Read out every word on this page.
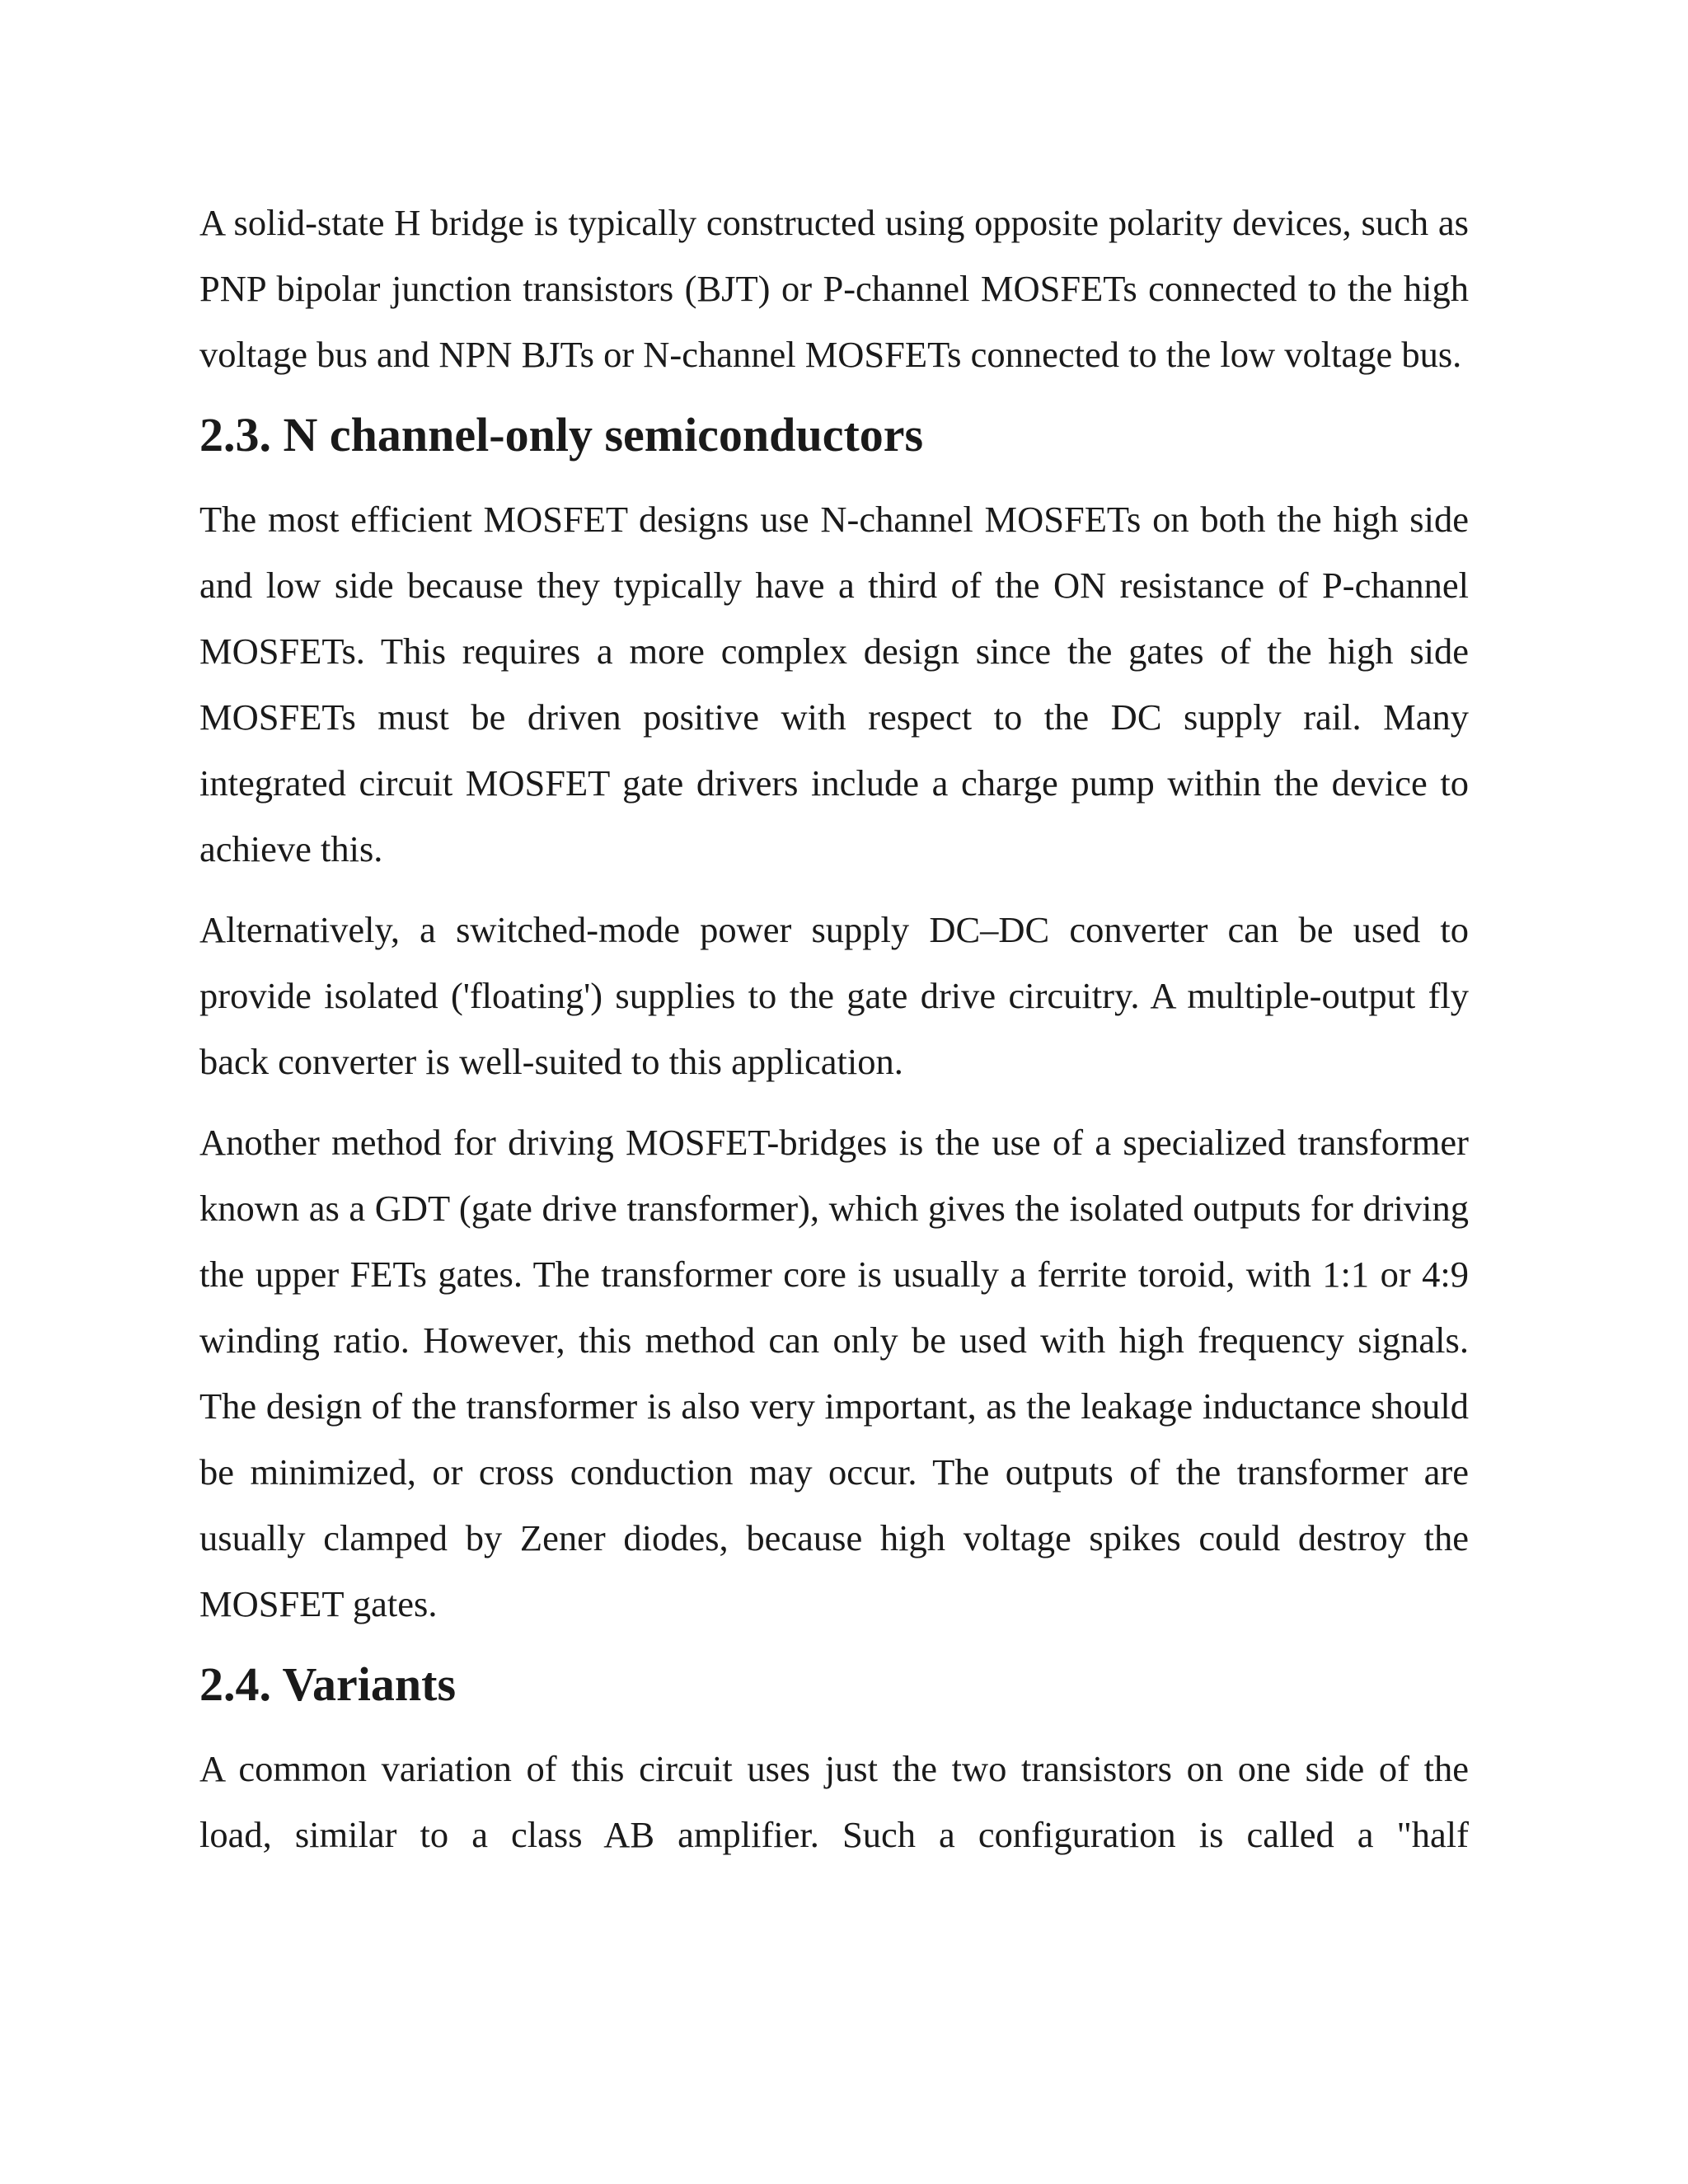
A solid-state H bridge is typically constructed using opposite polarity devices, such as PNP bipolar junction transistors (BJT) or P-channel MOSFETs connected to the high voltage bus and NPN BJTs or N-channel MOSFETs connected to the low voltage bus.

2.3. N channel-only semiconductors

The most efficient MOSFET designs use N-channel MOSFETs on both the high side and low side because they typically have a third of the ON resistance of P-channel MOSFETs. This requires a more complex design since the gates of the high side MOSFETs must be driven positive with respect to the DC supply rail. Many integrated circuit MOSFET gate drivers include a charge pump within the device to achieve this.

Alternatively, a switched-mode power supply DC–DC converter can be used to provide isolated ('floating') supplies to the gate drive circuitry. A multiple-output fly back converter is well-suited to this application.

Another method for driving MOSFET-bridges is the use of a specialized transformer known as a GDT (gate drive transformer), which gives the isolated outputs for driving the upper FETs gates. The transformer core is usually a ferrite toroid, with 1:1 or 4:9 winding ratio. However, this method can only be used with high frequency signals. The design of the transformer is also very important, as the leakage inductance should be minimized, or cross conduction may occur. The outputs of the transformer are usually clamped by Zener diodes, because high voltage spikes could destroy the MOSFET gates.

2.4. Variants

A common variation of this circuit uses just the two transistors on one side of the load, similar to a class AB amplifier. Such a configuration is called a "half
